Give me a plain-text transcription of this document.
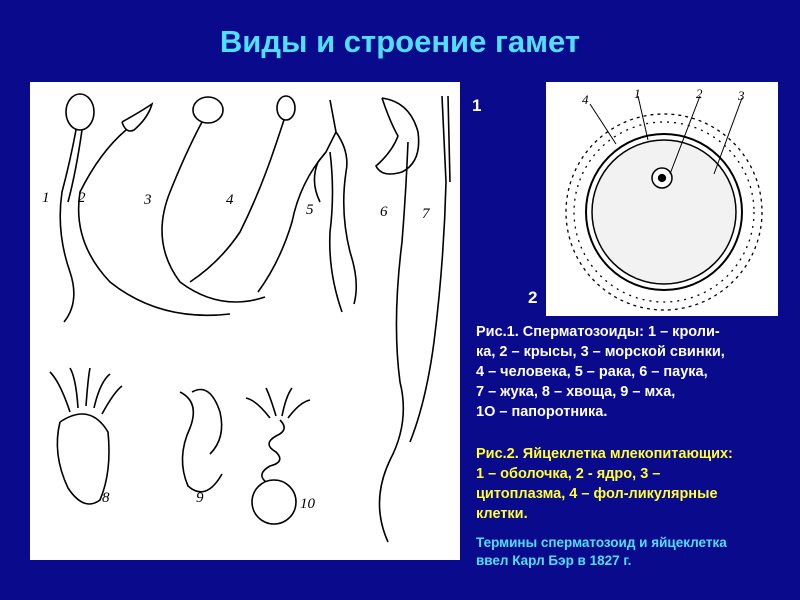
Виды и строение гамет
1 2	3	4
5	6 7
8	9	10
1	4	1	2	3
2
Рис.1. Сперматозоиды: 1 – кроли-
ка, 2 – крысы, 3 – морской свинки,
4 – человека, 5 – рака, 6 – паука,
7 – жука, 8 – хвоща, 9 – мха,
1О – папоротника.
Рис.2. Яйцеклетка млекопитающих:
1 – оболочка, 2 - ядро, 3 –
цитоплазма, 4 – фол-ликулярные
клетки.
Термины сперматозоид и яйцеклетка
ввел Карл Бэр в 1827 г.
